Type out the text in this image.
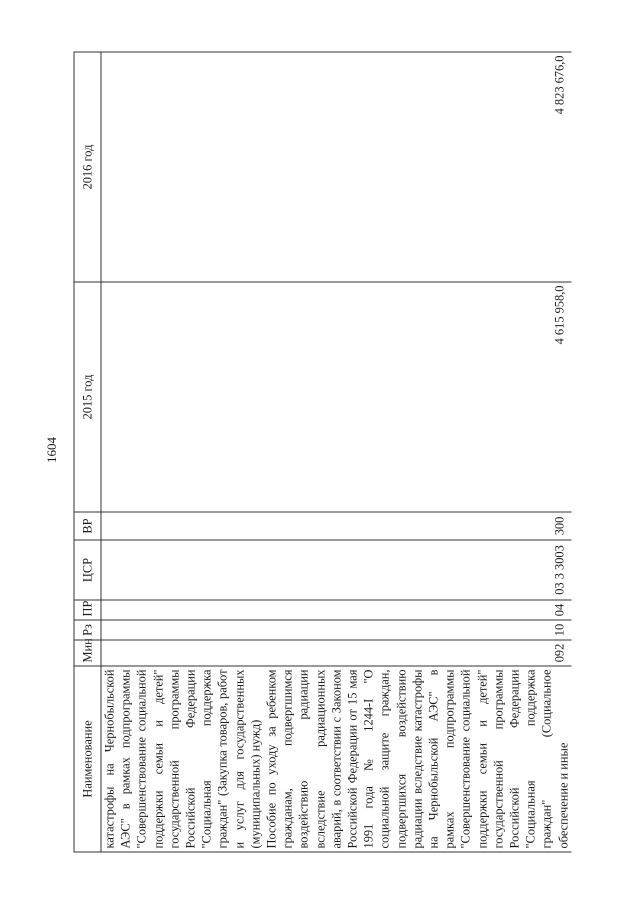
1604
Наименование	Мин	Рз	ПР	ЦСР	ВР	2015 год	2016 год

катастрофы на Чернобыльской АЭС" в рамках подпрограммы "Совершенствование социальной поддержки семьи и детей" государственной программы Российской Федерации "Социальная поддержка граждан" (Закупка товаров, работ и услуг для государственных (муниципальных) нужд)							

Пособие по уходу за ребенком гражданам, подвергшимся воздействию радиации вследствие радиационных аварий, в соответствии с Законом Российской Федерации от 15 мая 1991 года № 1244-I "О социальной защите граждан, подвергшихся воздействию радиации вследствие катастрофы на Чернобыльской АЭС" в рамках подпрограммы "Совершенствование социальной поддержки семьи и детей" государственной программы Российской Федерации "Социальная поддержка граждан" (Социальное обеспечение и иные	092	10	04	03 3 3003	300	4 615 958,0	4 823 676,0
